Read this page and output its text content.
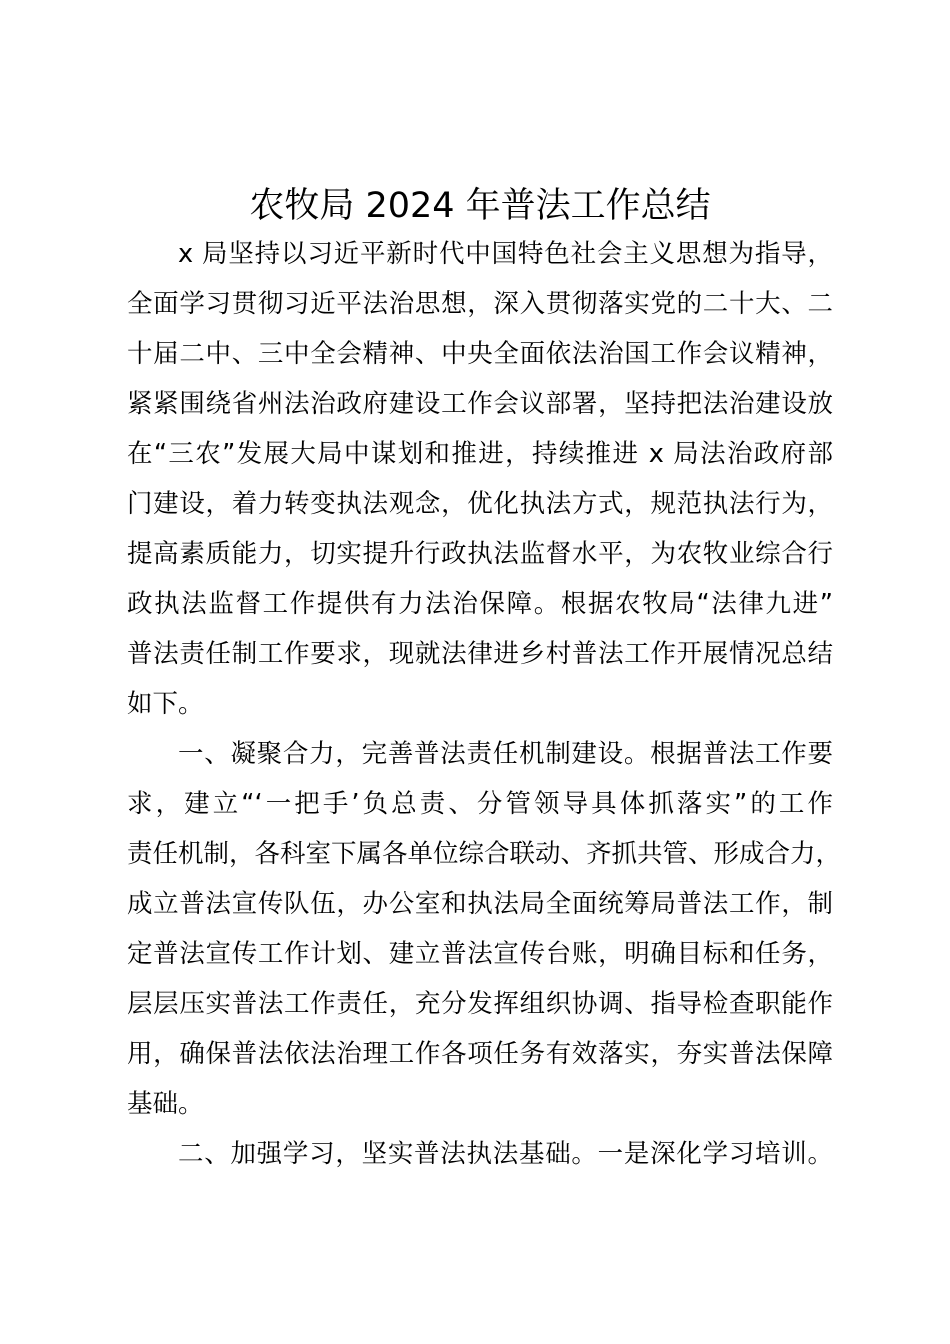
农牧局 2024 年普法工作总结
x 局坚持以习近平新时代中国特色社会主义思想为指导，
全面学习贯彻习近平法治思想，深入贯彻落实党的二十大、二
十届二中、三中全会精神、中央全面依法治国工作会议精神，
紧紧围绕省州法治政府建设工作会议部署，坚持把法治建设放
在“三农”发展大局中谋划和推进，持续推进 x 局法治政府部
门建设，着力转变执法观念，优化执法方式，规范执法行为，
提高素质能力，切实提升行政执法监督水平，为农牧业综合行
政执法监督工作提供有力法治保障。根据农牧局“法律九进”
普法责任制工作要求，现就法律进乡村普法工作开展情况总结
如下。
一、凝聚合力，完善普法责任机制建设。根据普法工作要
求，建立“‘一把手’负总责、分管领导具体抓落实”的工作
责任机制，各科室下属各单位综合联动、齐抓共管、形成合力，
成立普法宣传队伍，办公室和执法局全面统筹局普法工作，制
定普法宣传工作计划、建立普法宣传台账，明确目标和任务，
层层压实普法工作责任，充分发挥组织协调、指导检查职能作
用，确保普法依法治理工作各项任务有效落实，夯实普法保障
基础。
二、加强学习，坚实普法执法基础。一是深化学习培训。
